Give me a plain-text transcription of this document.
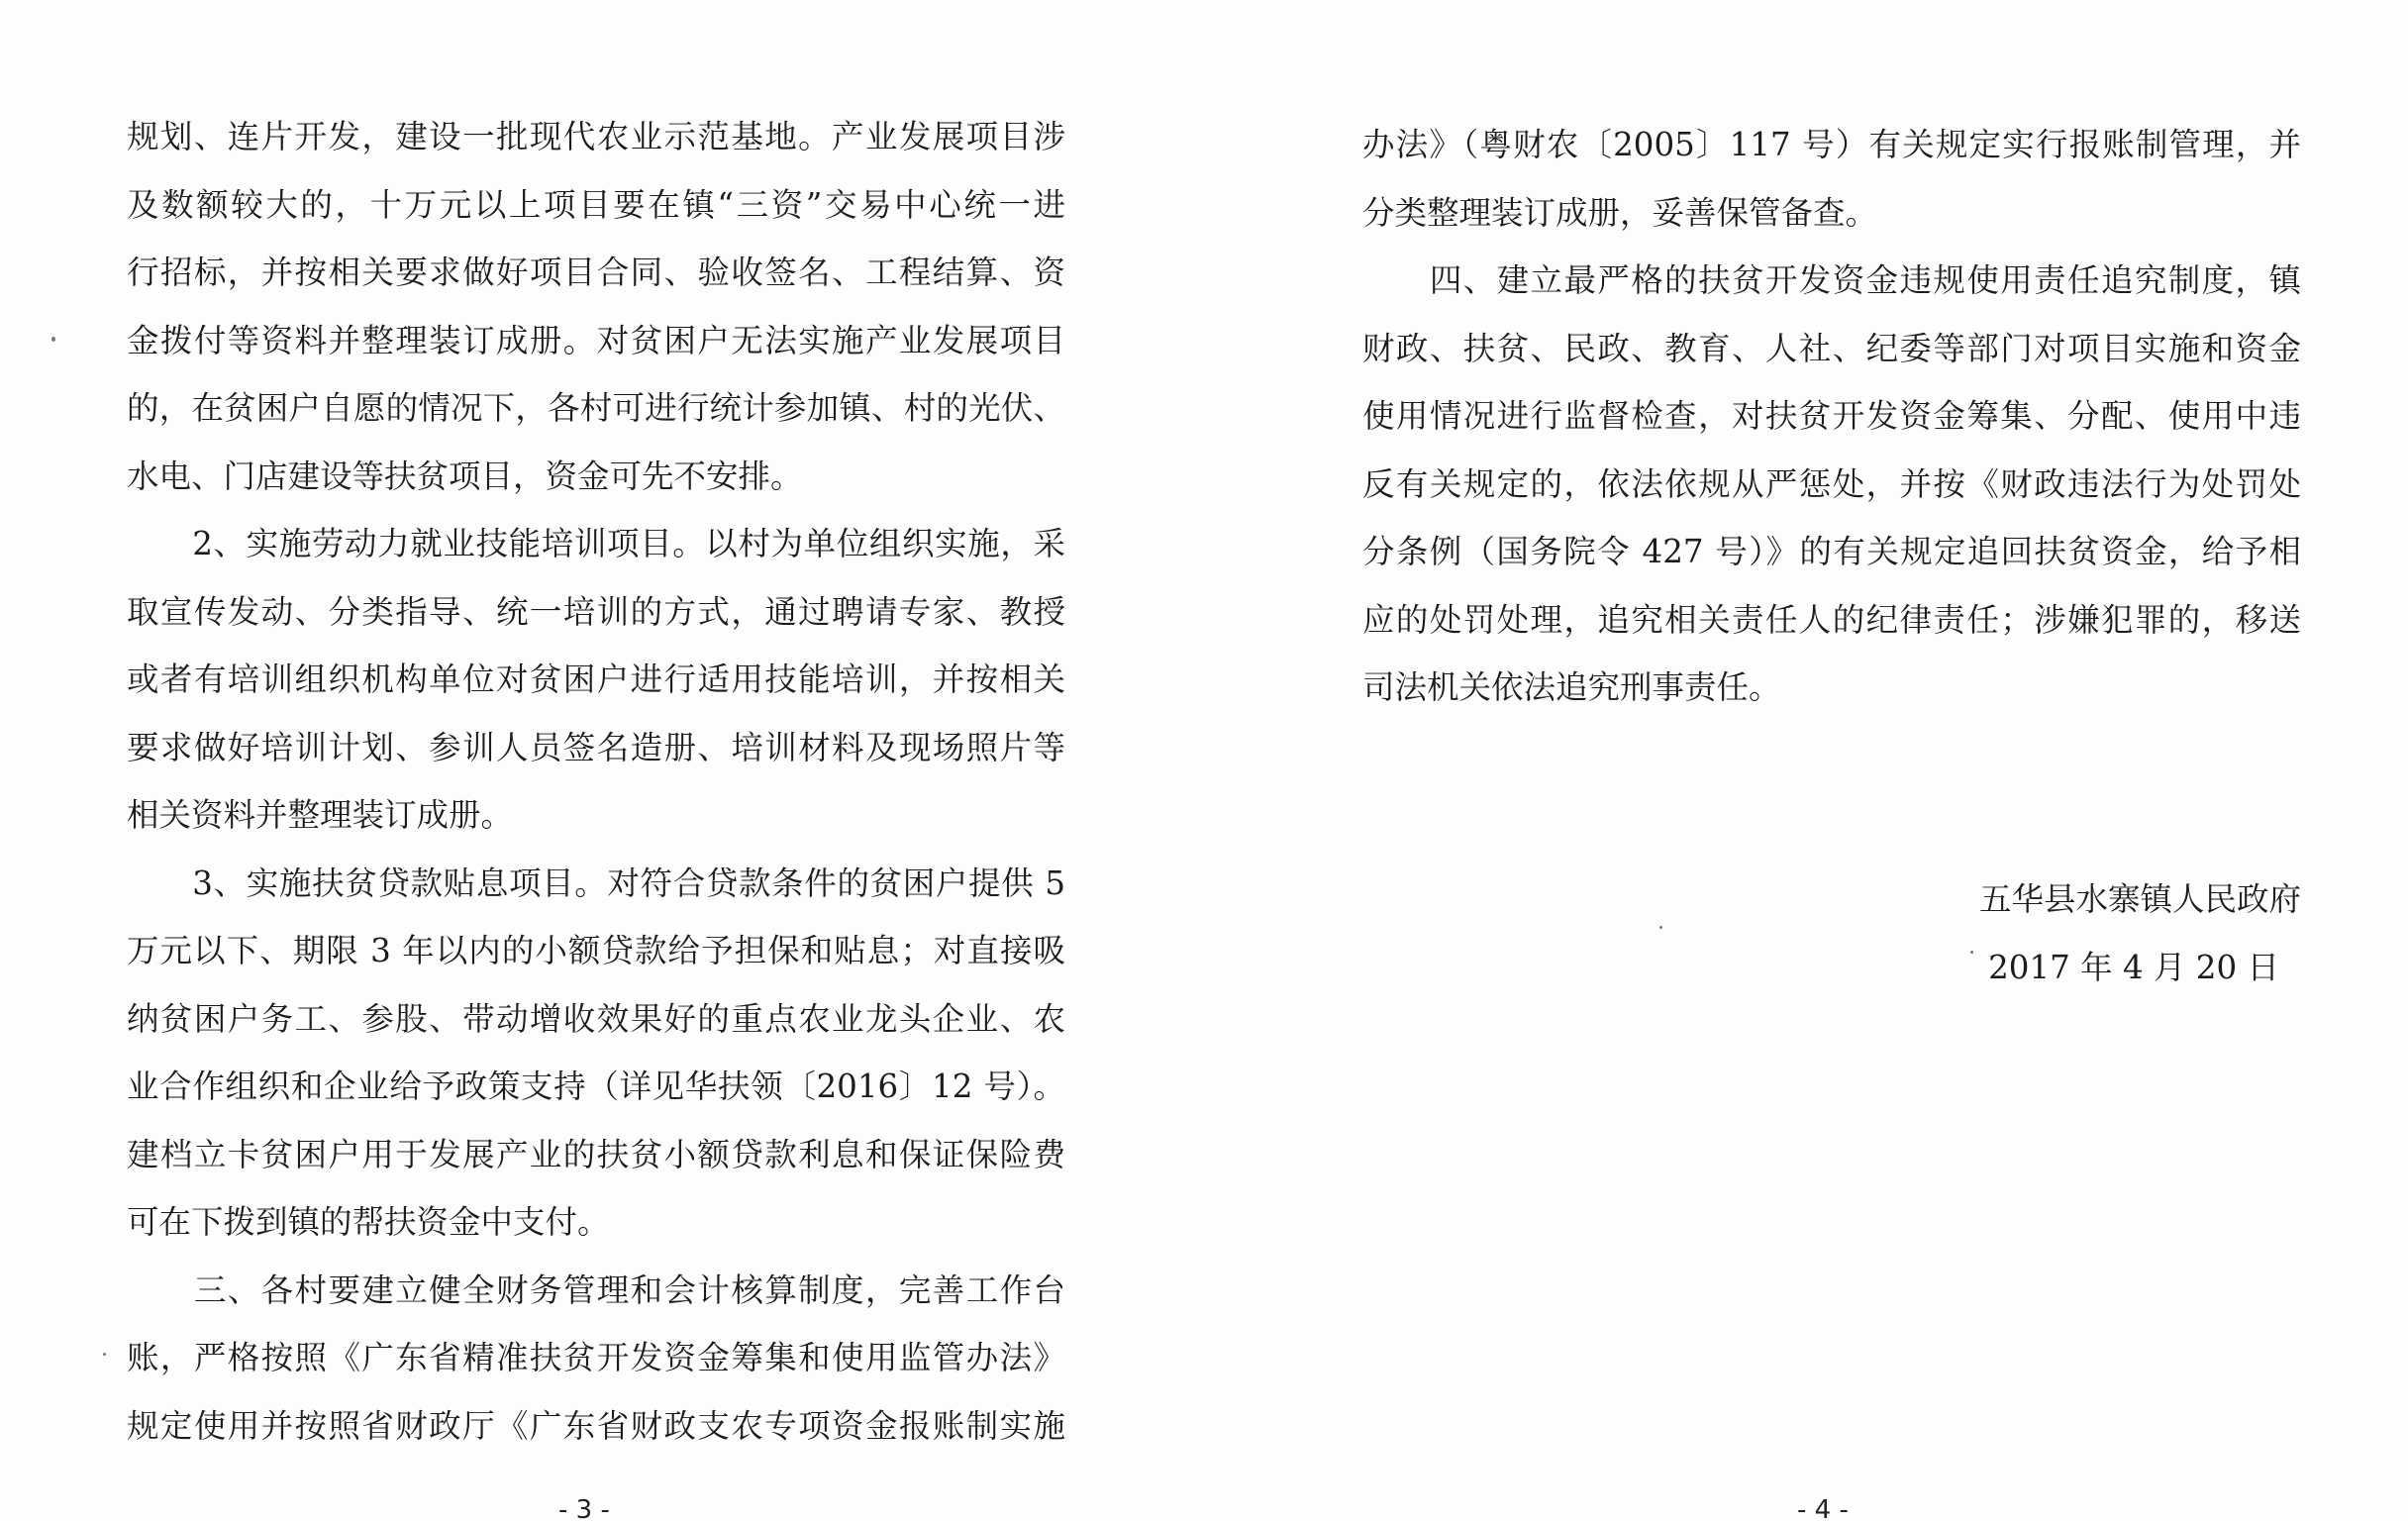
规划、连片开发，建设一批现代农业示范基地。产业发展项目涉
及数额较大的，十万元以上项目要在镇“三资”交易中心统一进
行招标，并按相关要求做好项目合同、验收签名、工程结算、资
金拨付等资料并整理装订成册。对贫困户无法实施产业发展项目
的，在贫困户自愿的情况下，各村可进行统计参加镇、村的光伏、
水电、门店建设等扶贫项目，资金可先不安排。
　　2、实施劳动力就业技能培训项目。以村为单位组织实施，采
取宣传发动、分类指导、统一培训的方式，通过聘请专家、教授
或者有培训组织机构单位对贫困户进行适用技能培训，并按相关
要求做好培训计划、参训人员签名造册、培训材料及现场照片等
相关资料并整理装订成册。
　　3、实施扶贫贷款贴息项目。对符合贷款条件的贫困户提供 5
万元以下、期限 3 年以内的小额贷款给予担保和贴息；对直接吸
纳贫困户务工、参股、带动增收效果好的重点农业龙头企业、农
业合作组织和企业给予政策支持（详见华扶领〔2016〕12 号）。
建档立卡贫困户用于发展产业的扶贫小额贷款利息和保证保险费
可在下拨到镇的帮扶资金中支付。
　　三、各村要建立健全财务管理和会计核算制度，完善工作台
账，严格按照《广东省精准扶贫开发资金筹集和使用监管办法》
规定使用并按照省财政厅《广东省财政支农专项资金报账制实施
- 3 -
办法》（粤财农〔2005〕117 号）有关规定实行报账制管理，并
分类整理装订成册，妥善保管备查。
　　四、建立最严格的扶贫开发资金违规使用责任追究制度，镇
财政、扶贫、民政、教育、人社、纪委等部门对项目实施和资金
使用情况进行监督检查，对扶贫开发资金筹集、分配、使用中违
反有关规定的，依法依规从严惩处，并按《财政违法行为处罚处
分条例（国务院令 427 号）》的有关规定追回扶贫资金，给予相
应的处罚处理，追究相关责任人的纪律责任；涉嫌犯罪的，移送
司法机关依法追究刑事责任。
五华县水寨镇人民政府
2017 年 4 月 20 日
- 4 -
